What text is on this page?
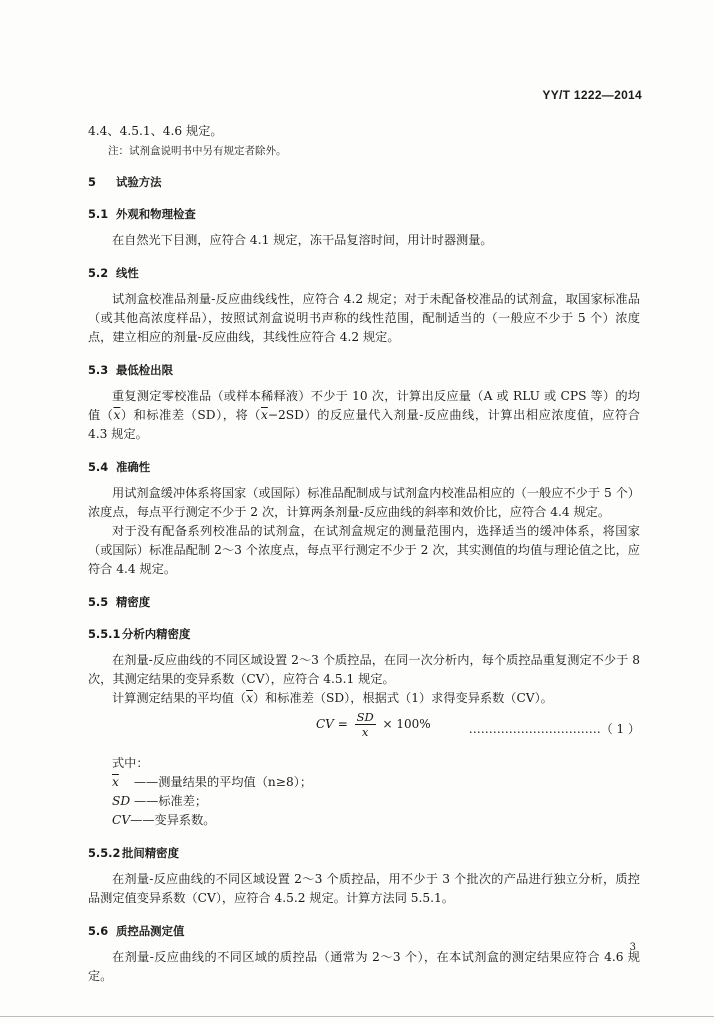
YY/T 1222—2014

4.4、4.5.1、4.6 规定。

注：试剂盒说明书中另有规定者除外。

5 试验方法
5.1 外观和物理检查

在自然光下目测，应符合 4.1 规定，冻干品复溶时间，用计时器测量。

5.2 线性

试剂盒校准品剂量-反应曲线线性，应符合 4.2 规定；对于未配备校准品的试剂盒，取国家标准品（或其他高浓度样品），按照试剂盒说明书声称的线性范围，配制适当的（一般应不少于 5 个）浓度点，建立相应的剂量-反应曲线，其线性应符合 4.2 规定。

5.3 最低检出限

重复测定零校准品（或样本稀释液）不少于 10 次，计算出反应量（A 或 RLU 或 CPS 等）的均值$(\overline{x})$和标准差（SD），将$(\overline{x}-2SD)$的反应量代入剂量-反应曲线，计算出相应浓度值，应符合 4.3 规定。

5.4 准确性

用试剂盒缓冲体系将国家（或国际）标准品配制成与试剂盒内校准品相应的（一般应不少于 5 个）浓度点，每点平行测定不少于 2 次，计算两条剂量-反应曲线的斜率和效价比，应符合 4.4 规定。

对于没有配备系列校准品的试剂盒，在试剂盒规定的测量范围内，选择适当的缓冲体系，将国家（或国际）标准品配制 2～3 个浓度点，每点平行测定不少于 2 次，其实测值的均值与理论值之比，应符合 4.4 规定。

5.5 精密度
5.5.1 分析内精密度

在剂量-反应曲线的不同区域设置 2～3 个质控品，在同一次分析内，每个质控品重复测定不少于 8 次，其测定结果的变异系数（CV），应符合 4.5.1 规定。

计算测定结果的平均值$(\overline{x})$和标准差（SD），根据式（1）求得变异系数（CV）。

CV = $\frac{SD}{x} \times 100\%$	……………………………（ 1 ）
式中：
$\overline{x}$ ——测量结果的平均值（n≥8）；
SD ——标准差；
CV——变异系数。
5.5.2 批间精密度

在剂量-反应曲线的不同区域设置 2～3 个质控品，用不少于 3 个批次的产品进行独立分析，质控品测定值变异系数（CV），应符合 4.5.2 规定。计算方法同 5.5.1。

5.6 质控品测定值

在剂量-反应曲线的不同区域的质控品（通常为 2～3 个），在本试剂盒的测定结果应符合 4.6 规定。

3
